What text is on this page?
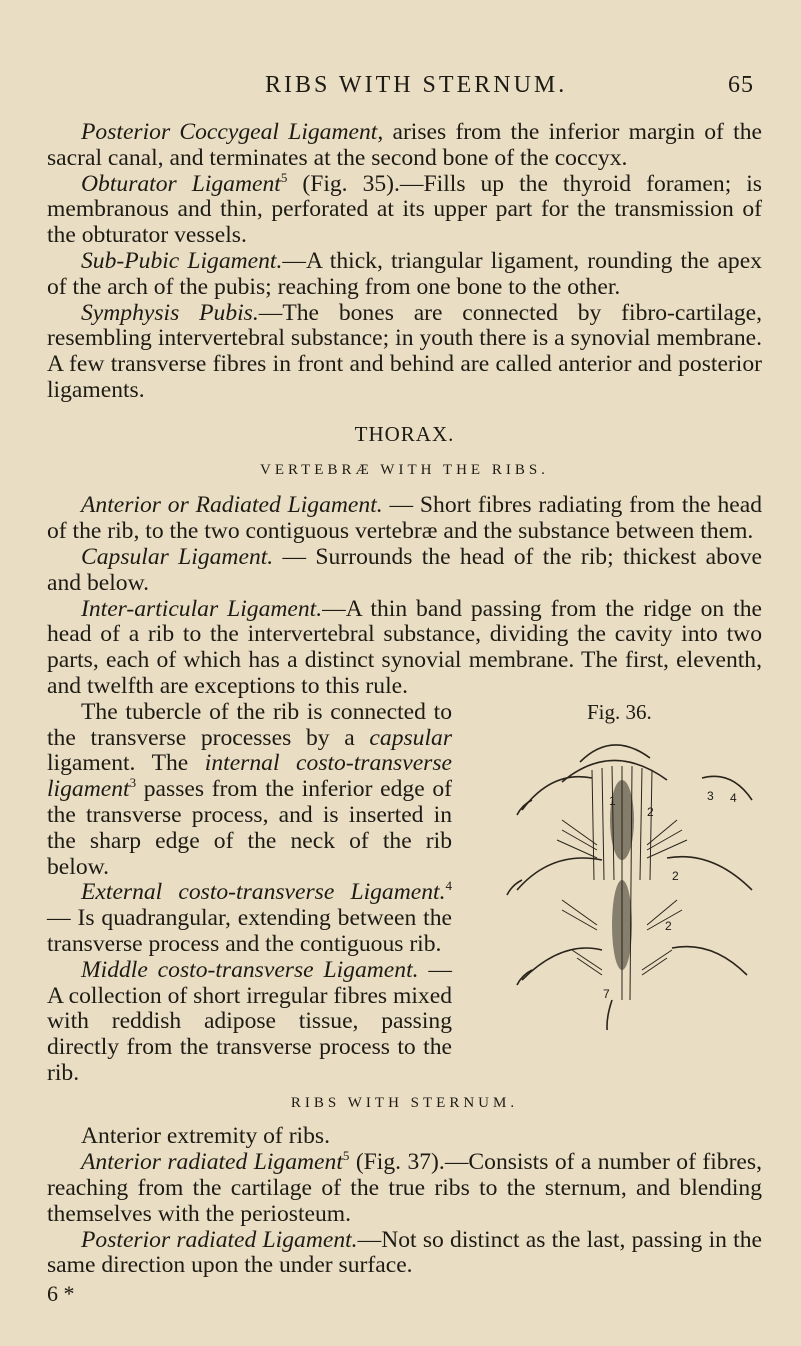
RIBS WITH STERNUM.	65

Posterior Coccygeal Ligament, arises from the inferior margin of the sacral canal, and terminates at the second bone of the coccyx.

Obturator Ligament$^5$ (Fig. 35).—Fills up the thyroid foramen; is membranous and thin, perforated at its upper part for the transmission of the obturator vessels.

Sub-Pubic Ligament.—A thick, triangular ligament, rounding the apex of the arch of the pubis; reaching from one bone to the other.

Symphysis Pubis.—The bones are connected by fibro-cartilage, resembling intervertebral substance; in youth there is a synovial membrane. A few transverse fibres in front and behind are called anterior and posterior ligaments.

THORAX.
VERTEBRÆ WITH THE RIBS.

Anterior or Radiated Ligament. — Short fibres radiating from the head of the rib, to the two contiguous vertebræ and the substance between them.

Capsular Ligament. — Surrounds the head of the rib; thickest above and below.

Inter-articular Ligament.—A thin band passing from the ridge on the head of a rib to the intervertebral substance, dividing the cavity into two parts, each of which has a distinct synovial membrane. The first, eleventh, and twelfth are exceptions to this rule.

The tubercle of the rib is connected to the transverse processes by a capsular ligament. The internal costo-transverse ligament$^3$ passes from the inferior edge of the transverse process, and is inserted in the sharp edge of the neck of the rib below.

External costo-transverse Ligament.$^4$ — Is quadrangular, extending between the transverse process and the contiguous rib.

Middle costo-transverse Ligament. — A collection of short irregular fibres mixed with reddish adipose tissue, passing directly from the transverse process to the rib.

Fig. 36.
1
2
3 4
2
2
7
RIBS WITH STERNUM.

Anterior extremity of ribs.

Anterior radiated Ligament$^5$ (Fig. 37).—Consists of a number of fibres, reaching from the cartilage of the true ribs to the sternum, and blending themselves with the periosteum.

Posterior radiated Ligament.—Not so distinct as the last, passing in the same direction upon the under surface.

6 *
